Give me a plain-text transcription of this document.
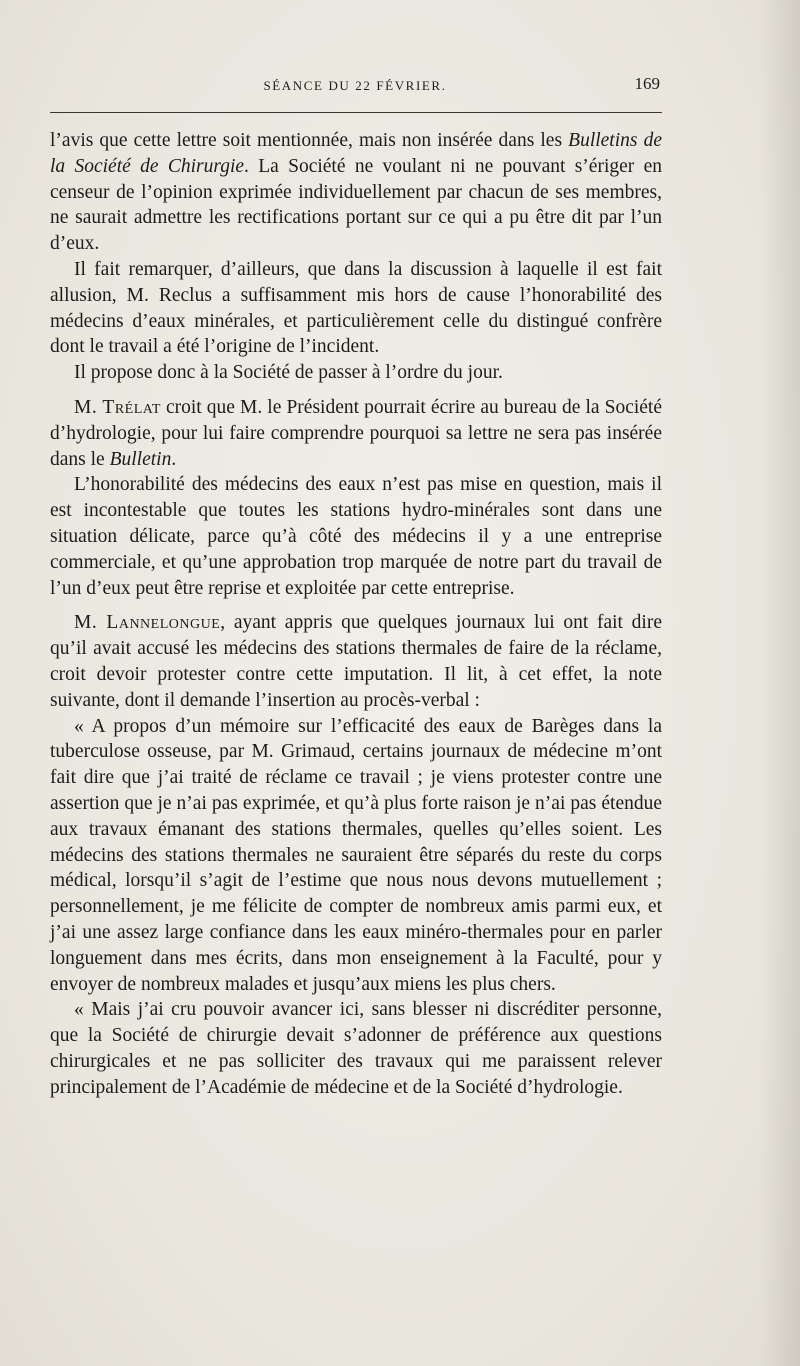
SÉANCE DU 22 FÉVRIER.	169

l’avis que cette lettre soit mentionnée, mais non insérée dans les Bulletins de la Société de Chirurgie. La Société ne voulant ni ne pouvant s’ériger en censeur de l’opinion exprimée individuellement par chacun de ses membres, ne saurait admettre les rectifications portant sur ce qui a pu être dit par l’un d’eux.

Il fait remarquer, d’ailleurs, que dans la discussion à laquelle il est fait allusion, M. Reclus a suffisamment mis hors de cause l’honorabilité des médecins d’eaux minérales, et particulièrement celle du distingué confrère dont le travail a été l’origine de l’incident.

Il propose donc à la Société de passer à l’ordre du jour.

M. Trélat croit que M. le Président pourrait écrire au bureau de la Société d’hydrologie, pour lui faire comprendre pourquoi sa lettre ne sera pas insérée dans le Bulletin.

L’honorabilité des médecins des eaux n’est pas mise en question, mais il est incontestable que toutes les stations hydro-minérales sont dans une situation délicate, parce qu’à côté des médecins il y a une entreprise commerciale, et qu’une approbation trop marquée de notre part du travail de l’un d’eux peut être reprise et exploitée par cette entreprise.

M. Lannelongue, ayant appris que quelques journaux lui ont fait dire qu’il avait accusé les médecins des stations thermales de faire de la réclame, croit devoir protester contre cette imputation. Il lit, à cet effet, la note suivante, dont il demande l’insertion au procès-verbal :

« A propos d’un mémoire sur l’efficacité des eaux de Barèges dans la tuberculose osseuse, par M. Grimaud, certains journaux de médecine m’ont fait dire que j’ai traité de réclame ce travail ; je viens protester contre une assertion que je n’ai pas exprimée, et qu’à plus forte raison je n’ai pas étendue aux travaux émanant des stations thermales, quelles qu’elles soient. Les médecins des stations thermales ne sauraient être séparés du reste du corps médical, lorsqu’il s’agit de l’estime que nous nous devons mutuellement ; personnellement, je me félicite de compter de nombreux amis parmi eux, et j’ai une assez large confiance dans les eaux minéro-thermales pour en parler longuement dans mes écrits, dans mon enseignement à la Faculté, pour y envoyer de nombreux malades et jusqu’aux miens les plus chers.

« Mais j’ai cru pouvoir avancer ici, sans blesser ni discréditer personne, que la Société de chirurgie devait s’adonner de préférence aux questions chirurgicales et ne pas solliciter des travaux qui me paraissent relever principalement de l’Académie de médecine et de la Société d’hydrologie.
